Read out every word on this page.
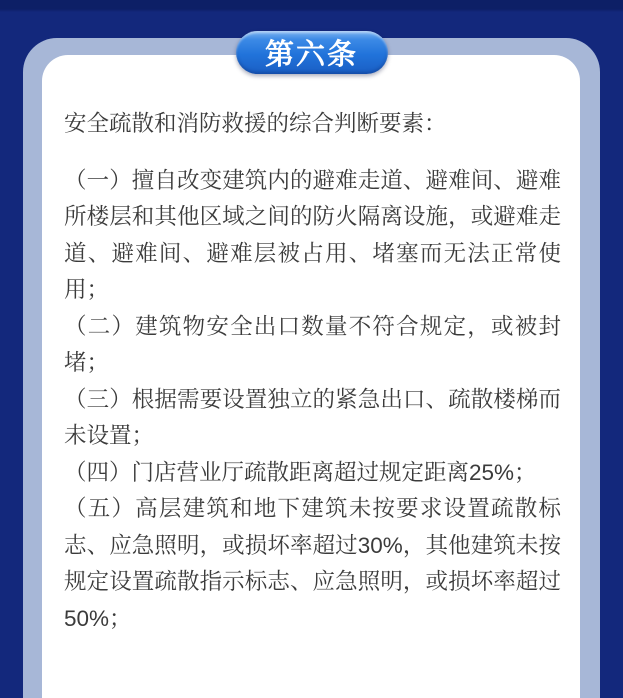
安全疏散和消防救援的综合判断要素：

（一）擅自改变建筑内的避难走道、避难间、避难所楼层和其他区域之间的防火隔离设施，或避难走道、避难间、避难层被占用、堵塞而无法正常使用；

（二）建筑物安全出口数量不符合规定，或被封堵；

（三）根据需要设置独立的紧急出口、疏散楼梯而未设置；

（四）门店营业厅疏散距离超过规定距离25%；

（五）高层建筑和地下建筑未按要求设置疏散标志、应急照明，或损坏率超过30%，其他建筑未按规定设置疏散指示标志、应急照明，或损坏率超过50%；

第六条
